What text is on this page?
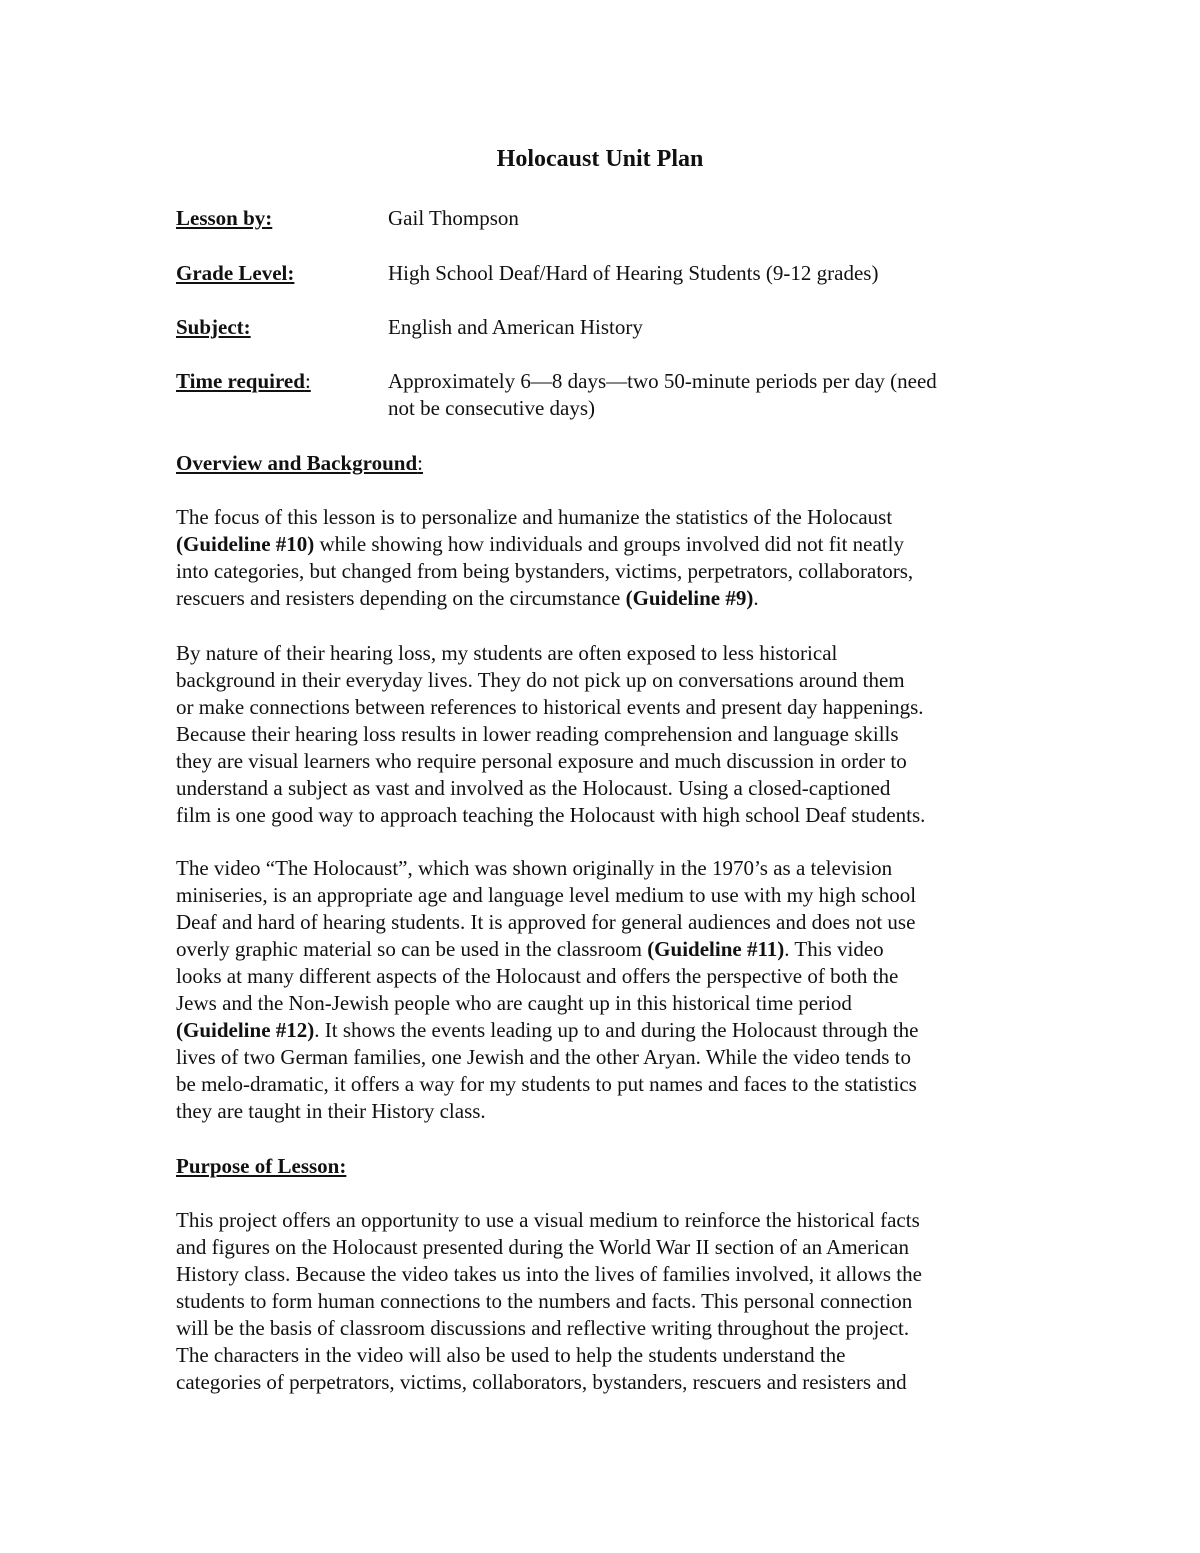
Holocaust Unit Plan
Lesson by:	Gail Thompson
Grade Level:	High School Deaf/Hard of Hearing Students (9-12 grades)
Subject:	English and American History
Time required:	Approximately 6—8 days—two 50-minute periods per day (need
not be consecutive days)
Overview and Background:
The focus of this lesson is to personalize and humanize the statistics of the Holocaust
(Guideline #10) while showing how individuals and groups involved did not fit neatly
into categories, but changed from being bystanders, victims, perpetrators, collaborators,
rescuers and resisters depending on the circumstance (Guideline #9).
By nature of their hearing loss, my students are often exposed to less historical
background in their everyday lives. They do not pick up on conversations around them
or make connections between references to historical events and present day happenings.
Because their hearing loss results in lower reading comprehension and language skills
they are visual learners who require personal exposure and much discussion in order to
understand a subject as vast and involved as the Holocaust. Using a closed-captioned
film is one good way to approach teaching the Holocaust with high school Deaf students.
The video “The Holocaust”, which was shown originally in the 1970’s as a television
miniseries, is an appropriate age and language level medium to use with my high school
Deaf and hard of hearing students. It is approved for general audiences and does not use
overly graphic material so can be used in the classroom (Guideline #11). This video
looks at many different aspects of the Holocaust and offers the perspective of both the
Jews and the Non-Jewish people who are caught up in this historical time period
(Guideline #12). It shows the events leading up to and during the Holocaust through the
lives of two German families, one Jewish and the other Aryan. While the video tends to
be melo-dramatic, it offers a way for my students to put names and faces to the statistics
they are taught in their History class.
Purpose of Lesson:
This project offers an opportunity to use a visual medium to reinforce the historical facts
and figures on the Holocaust presented during the World War II section of an American
History class. Because the video takes us into the lives of families involved, it allows the
students to form human connections to the numbers and facts. This personal connection
will be the basis of classroom discussions and reflective writing throughout the project.
The characters in the video will also be used to help the students understand the
categories of perpetrators, victims, collaborators, bystanders, rescuers and resisters and
